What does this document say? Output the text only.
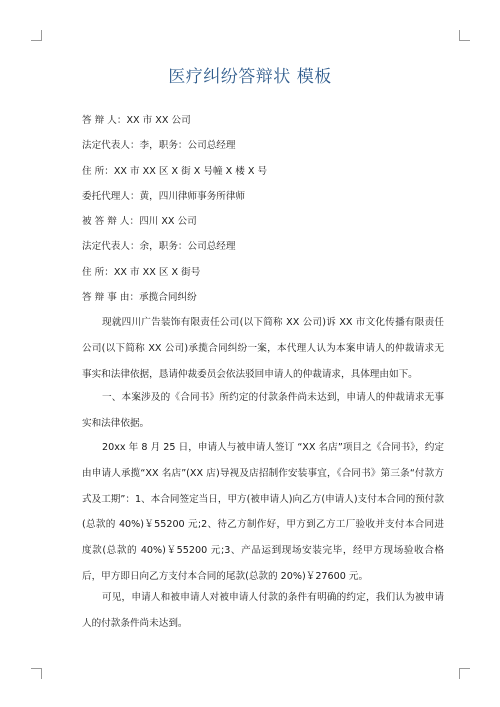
医疗纠纷答辩状 模板
答 辩 人：XX 市 XX 公司
法定代表人：李，职务：公司总经理
住 所：XX 市 XX 区 X 街 X 号幢 X 楼 X 号
委托代理人：黄，四川律师事务所律师
被 答 辩 人：四川 XX 公司
法定代表人：余，职务：公司总经理
住 所：XX 市 XX 区 X 街号
答 辩 事 由：承揽合同纠纷
现就四川广告装饰有限责任公司(以下简称 XX 公司)诉 XX 市文化传播有限责任公司(以下简称 XX 公司)承揽合同纠纷一案，本代理人认为本案申请人的仲裁请求无事实和法律依据，恳请仲裁委员会依法驳回申请人的仲裁请求，具体理由如下。
一、本案涉及的《合同书》所约定的付款条件尚未达到，申请人的仲裁请求无事实和法律依据。
20xx 年 8 月 25 日，申请人与被申请人签订 “XX 名店”项目之《合同书》，约定由申请人承揽“XX 名店”(XX 店)导视及店招制作安装事宜，《合同书》第三条“付款方式及工期”：1、本合同签定当日，甲方(被申请人)向乙方(申请人)支付本合同的预付款(总款的 40%)￥55200 元;2、待乙方制作好，甲方到乙方工厂验收并支付本合同进度款(总款的 40%)￥55200 元;3、产品运到现场安装完毕，经甲方现场验收合格后，甲方即日向乙方支付本合同的尾款(总款的 20%)￥27600 元。
可见，申请人和被申请人对被申请人付款的条件有明确的约定，我们认为被申请人的付款条件尚未达到。
